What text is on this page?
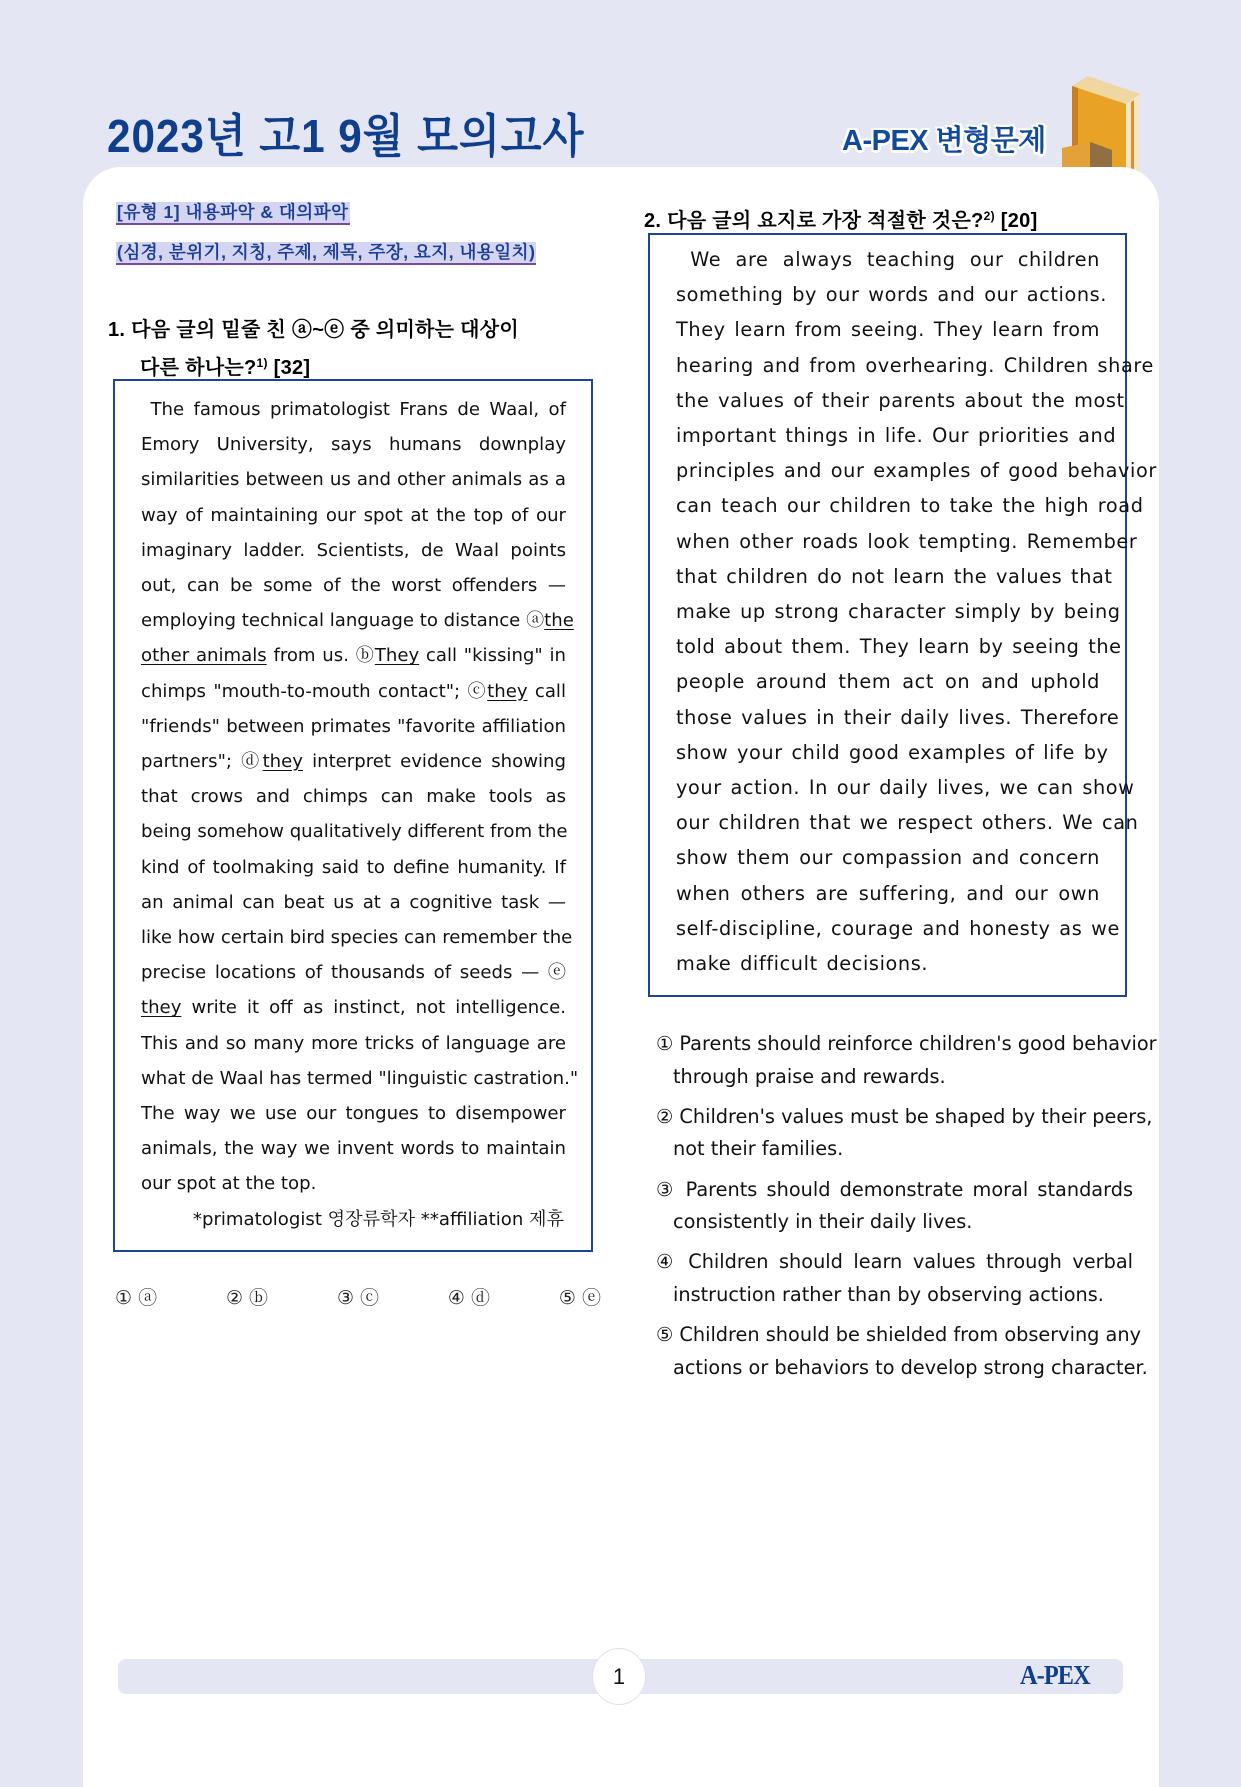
2023년 고1 9월 모의고사	A-PEX 변형문제
[유형 1] 내용파악 & 대의파악
(심경, 분위기, 지칭, 주제, 제목, 주장, 요지, 내용일치)
1. 다음 글의 밑줄 친 ⓐ~ⓔ 중 의미하는 대상이
다른 하나는?$^{1)}$ [32]
The famous primatologist Frans de Waal, of
Emory University, says humans downplay
similarities between us and other animals as a
way of maintaining our spot at the top of our
imaginary ladder. Scientists, de Waal points
out, can be some of the worst offenders —
employing technical language to distance ⓐthe
other animals from us. ⓑThey call "kissing" in
chimps "mouth-to-mouth contact"; ⓒthey call
"friends" between primates "favorite affiliation
partners"; ⓓthey interpret evidence showing
that crows and chimps can make tools as
being somehow qualitatively different from the
kind of toolmaking said to define humanity. If
an animal can beat us at a cognitive task —
like how certain bird species can remember the
precise locations of thousands of seeds — ⓔ
they write it off as instinct, not intelligence.
This and so many more tricks of language are
what de Waal has termed "linguistic castration."
The way we use our tongues to disempower
animals, the way we invent words to maintain
our spot at the top.
*primatologist 영장류학자 **affiliation 제휴
① ⓐ	② ⓑ	③ ⓒ	④ ⓓ	⑤ ⓔ
2. 다음 글의 요지로 가장 적절한 것은?$^{2)}$ [20]
We are always teaching our children
something by our words and our actions.
They learn from seeing. They learn from
hearing and from overhearing. Children share
the values of their parents about the most
important things in life. Our priorities and
principles and our examples of good behavior
can teach our children to take the high road
when other roads look tempting. Remember
that children do not learn the values that
make up strong character simply by being
told about them. They learn by seeing the
people around them act on and uphold
those values in their daily lives. Therefore
show your child good examples of life by
your action. In our daily lives, we can show
our children that we respect others. We can
show them our compassion and concern
when others are suffering, and our own
self-discipline, courage and honesty as we
make difficult decisions.
① Parents should reinforce children's good behavior
through praise and rewards.
② Children's values must be shaped by their peers,
not their families.
③ Parents should demonstrate moral standards
consistently in their daily lives.
④ Children should learn values through verbal
instruction rather than by observing actions.
⑤ Children should be shielded from observing any
actions or behaviors to develop strong character.
1	A-PEX
